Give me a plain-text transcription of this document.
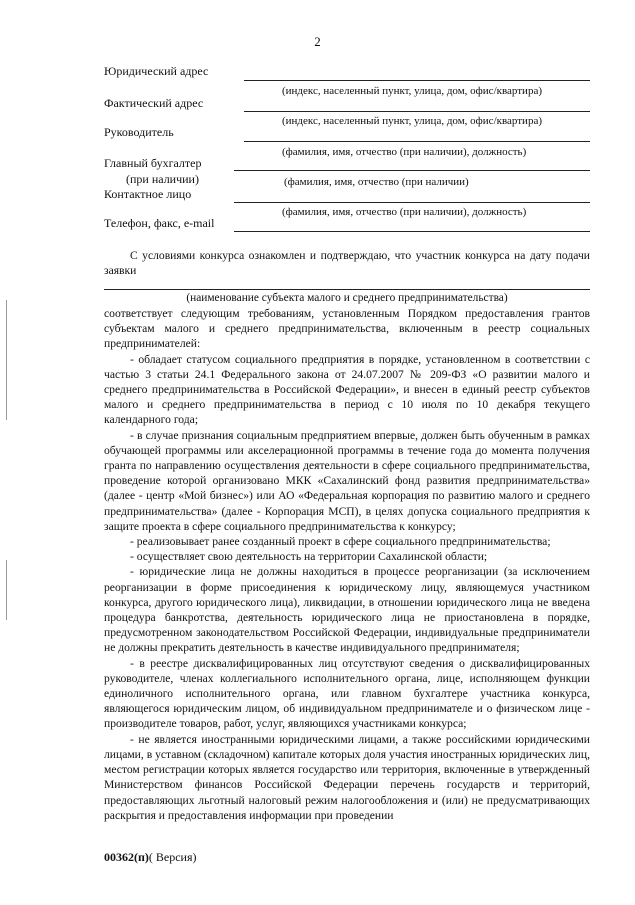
2
Юридический адрес
(индекс, населенный пункт, улица, дом, офис/квартира)
Фактический адрес
(индекс, населенный пункт, улица, дом, офис/квартира)
Руководитель
(фамилия, имя, отчество (при наличии), должность)
Главный бухгалтер
(при наличии)	(фамилия, имя, отчество (при наличии)
Контактное лицо
(фамилия, имя, отчество (при наличии), должность)
Телефон, факс, e-mail

С условиями конкурса ознакомлен и подтверждаю, что участник конкурса на дату подачи заявки

(наименование субъекта малого и среднего предпринимательства)

соответствует следующим требованиям, установленным Порядком предоставления грантов субъектам малого и среднего предпринимательства, включенным в реестр социальных предпринимателей:

- обладает статусом социального предприятия в порядке, установленном в соответствии с частью 3 статьи 24.1 Федерального закона от 24.07.2007 № 209-ФЗ «О развитии малого и среднего предпринимательства в Российской Федерации», и внесен в единый реестр субъектов малого и среднего предпринимательства в период с 10 июля по 10 декабря текущего календарного года;

- в случае признания социальным предприятием впервые, должен быть обученным в рамках обучающей программы или акселерационной программы в течение года до момента получения гранта по направлению осуществления деятельности в сфере социального предпринимательства, проведение которой организовано МКК «Сахалинский фонд развития предпринимательства» (далее - центр «Мой бизнес») или АО «Федеральная корпорация по развитию малого и среднего предпринимательства» (далее - Корпорация МСП), в целях допуска социального предприятия к защите проекта в сфере социального предпринимательства к конкурсу;

- реализовывает ранее созданный проект в сфере социального предпринимательства;

- осуществляет свою деятельность на территории Сахалинской области;

- юридические лица не должны находиться в процессе реорганизации (за исключением реорганизации в форме присоединения к юридическому лицу, являющемуся участником конкурса, другого юридического лица), ликвидации, в отношении юридического лица не введена процедура банкротства, деятельность юридического лица не приостановлена в порядке, предусмотренном законодательством Российской Федерации, индивидуальные предприниматели не должны прекратить деятельность в качестве индивидуального предпринимателя;

- в реестре дисквалифицированных лиц отсутствуют сведения о дисквалифицированных руководителе, членах коллегиального исполнительного органа, лице, исполняющем функции единоличного исполнительного органа, или главном бухгалтере участника конкурса, являющегося юридическим лицом, об индивидуальном предпринимателе и о физическом лице - производителе товаров, работ, услуг, являющихся участниками конкурса;

- не является иностранными юридическими лицами, а также российскими юридическими лицами, в уставном (складочном) капитале которых доля участия иностранных юридических лиц, местом регистрации которых является государство или территория, включенные в утвержденный Министерством финансов Российской Федерации перечень государств и территорий, предоставляющих льготный налоговый режим налогообложения и (или) не предусматривающих раскрытия и предоставления информации при проведении

00362(п)( Версия)
